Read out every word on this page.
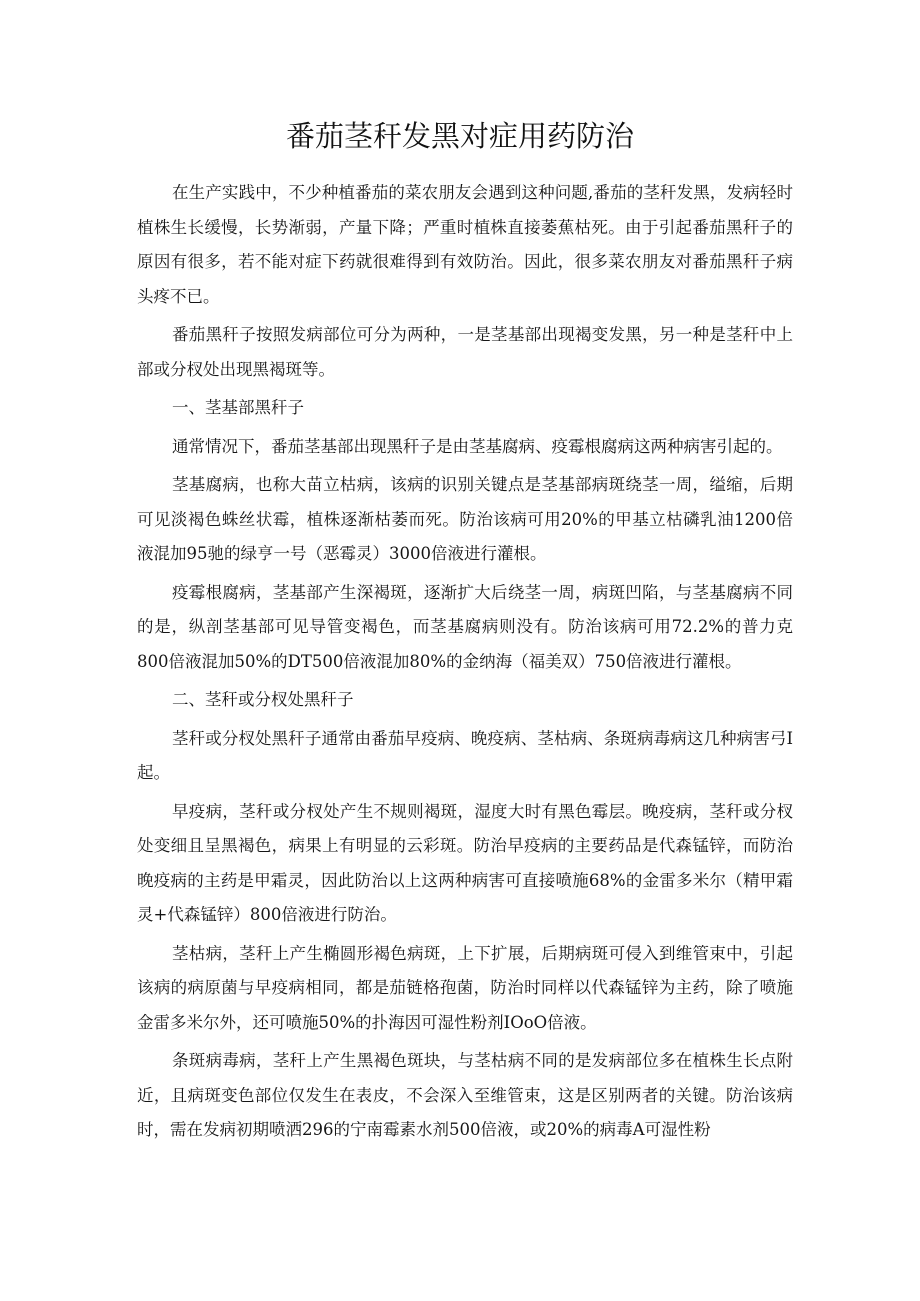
番茄茎秆发黑对症用药防治

在生产实践中，不少种植番茄的菜农朋友会遇到这种问题,番茄的茎秆发黑，发病轻时植株生长缓慢，长势渐弱，产量下降；严重时植株直接萎蕉枯死。由于引起番茄黑秆子的原因有很多，若不能对症下药就很难得到有效防治。因此，很多菜农朋友对番茄黑秆子病头疼不已。

番茄黑秆子按照发病部位可分为两种，一是茎基部出现褐变发黑，另一种是茎秆中上部或分杈处出现黑褐斑等。

一、茎基部黑秆子

通常情况下，番茄茎基部出现黑秆子是由茎基腐病、疫霉根腐病这两种病害引起的。

茎基腐病，也称大苗立枯病，该病的识别关键点是茎基部病斑绕茎一周，缢缩，后期可见淡褐色蛛丝状霉，植株逐渐枯萎而死。防治该病可用20%的甲基立枯磷乳油1200倍液混加95驰的绿亨一号（恶霉灵）3000倍液进行灌根。

疫霉根腐病，茎基部产生深褐斑，逐渐扩大后绕茎一周，病斑凹陷，与茎基腐病不同的是，纵剖茎基部可见导管变褐色，而茎基腐病则没有。防治该病可用72.2%的普力克800倍液混加50%的DT500倍液混加80%的金纳海（福美双）750倍液进行灌根。

二、茎秆或分杈处黑秆子

茎秆或分杈处黑秆子通常由番茄早疫病、晚疫病、茎枯病、条斑病毒病这几种病害弓I起。

早疫病，茎秆或分杈处产生不规则褐斑，湿度大时有黑色霉层。晚疫病，茎秆或分杈处变细且呈黑褐色，病果上有明显的云彩斑。防治早疫病的主要药品是代森锰锌，而防治晚疫病的主药是甲霜灵，因此防治以上这两种病害可直接喷施68%的金雷多米尔（精甲霜灵+代森锰锌）800倍液进行防治。

茎枯病，茎秆上产生椭圆形褐色病斑，上下扩展，后期病斑可侵入到维管束中，引起该病的病原菌与早疫病相同，都是茄链格孢菌，防治时同样以代森锰锌为主药，除了喷施金雷多米尔外，还可喷施50%的扑海因可湿性粉剂IOoO倍液。

条斑病毒病，茎秆上产生黑褐色斑块，与茎枯病不同的是发病部位多在植株生长点附近，且病斑变色部位仅发生在表皮，不会深入至维管束，这是区别两者的关键。防治该病时，需在发病初期喷洒296的宁南霉素水剂500倍液，或20%的病毒A可湿性粉
